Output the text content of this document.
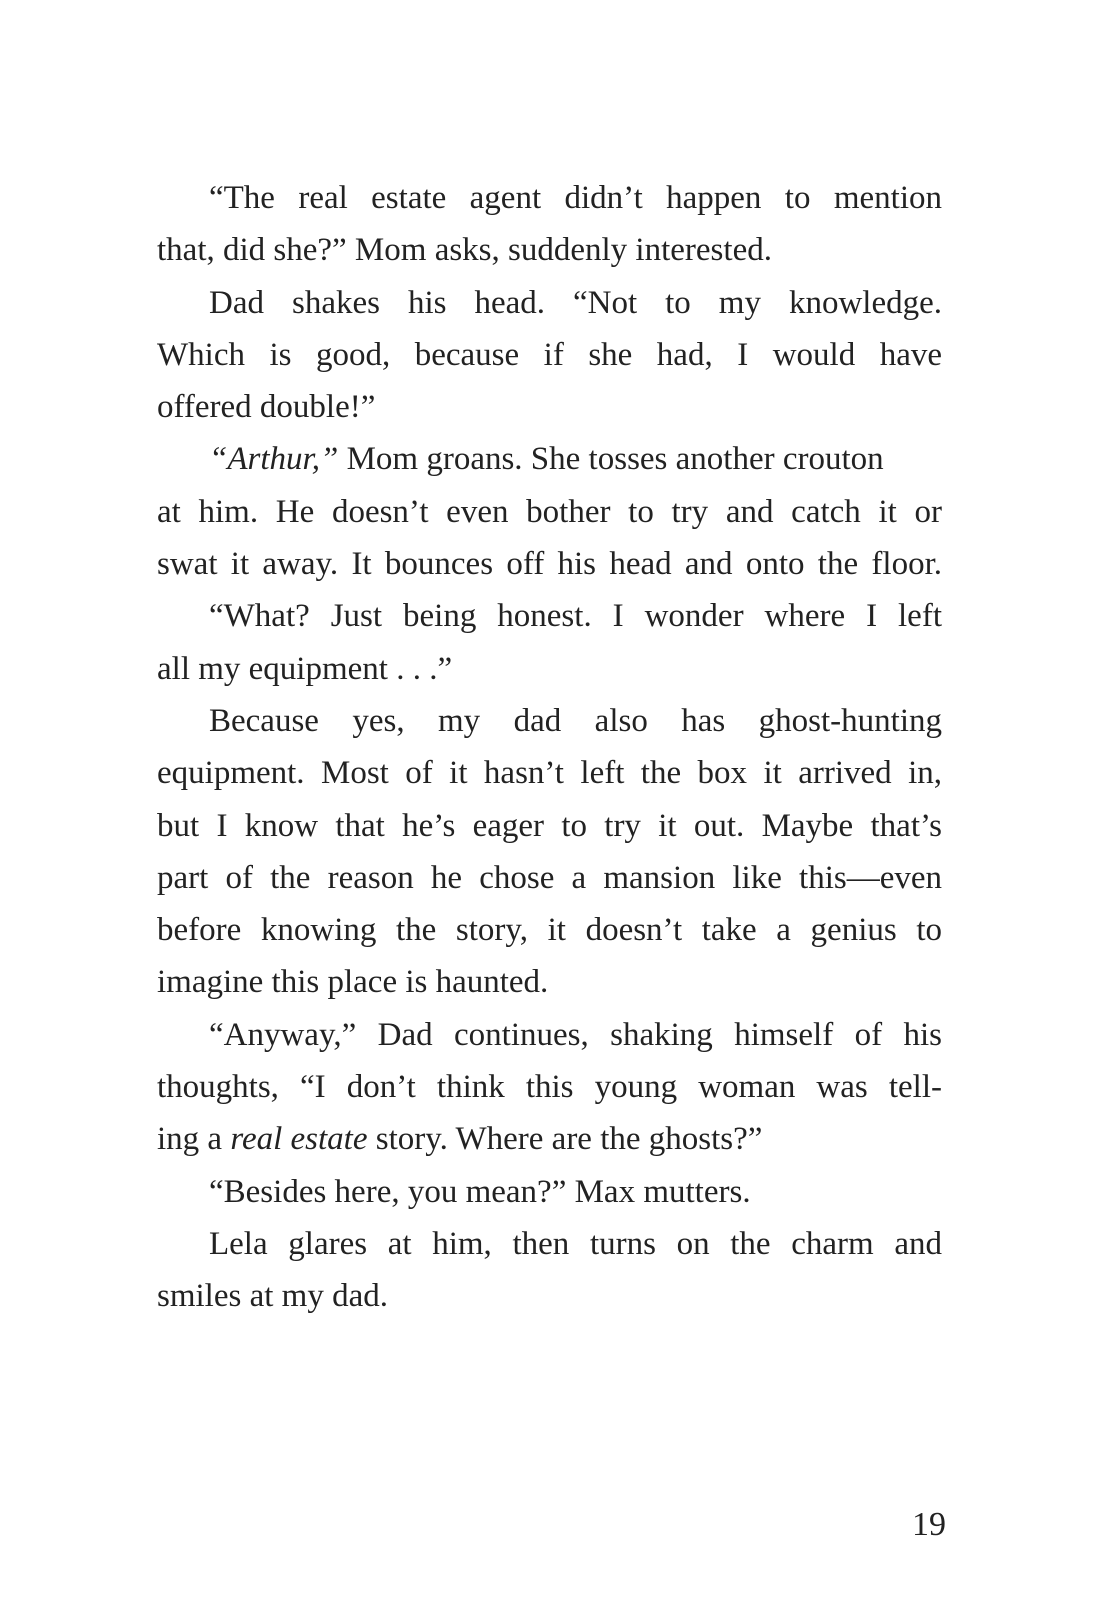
“The real estate agent didn’t happen to mention
that, did she?” Mom asks, suddenly interested.
Dad shakes his head. “Not to my knowledge.
Which is good, because if she had, I would have
offered double!”
“Arthur,” Mom groans. She tosses another crouton
at him. He doesn’t even bother to try and catch it or
swat it away. It bounces off his head and onto the floor.
“What? Just being honest. I wonder where I left
all my equipment . . .”
Because yes, my dad also has ghost-hunting
equipment. Most of it hasn’t left the box it arrived in,
but I know that he’s eager to try it out. Maybe that’s
part of the reason he chose a mansion like this—even
before knowing the story, it doesn’t take a genius to
imagine this place is haunted.
“Anyway,” Dad continues, shaking himself of his
thoughts, “I don’t think this young woman was tell-
ing a real estate story. Where are the ghosts?”
“Besides here, you mean?” Max mutters.
Lela glares at him, then turns on the charm and
smiles at my dad.
19
